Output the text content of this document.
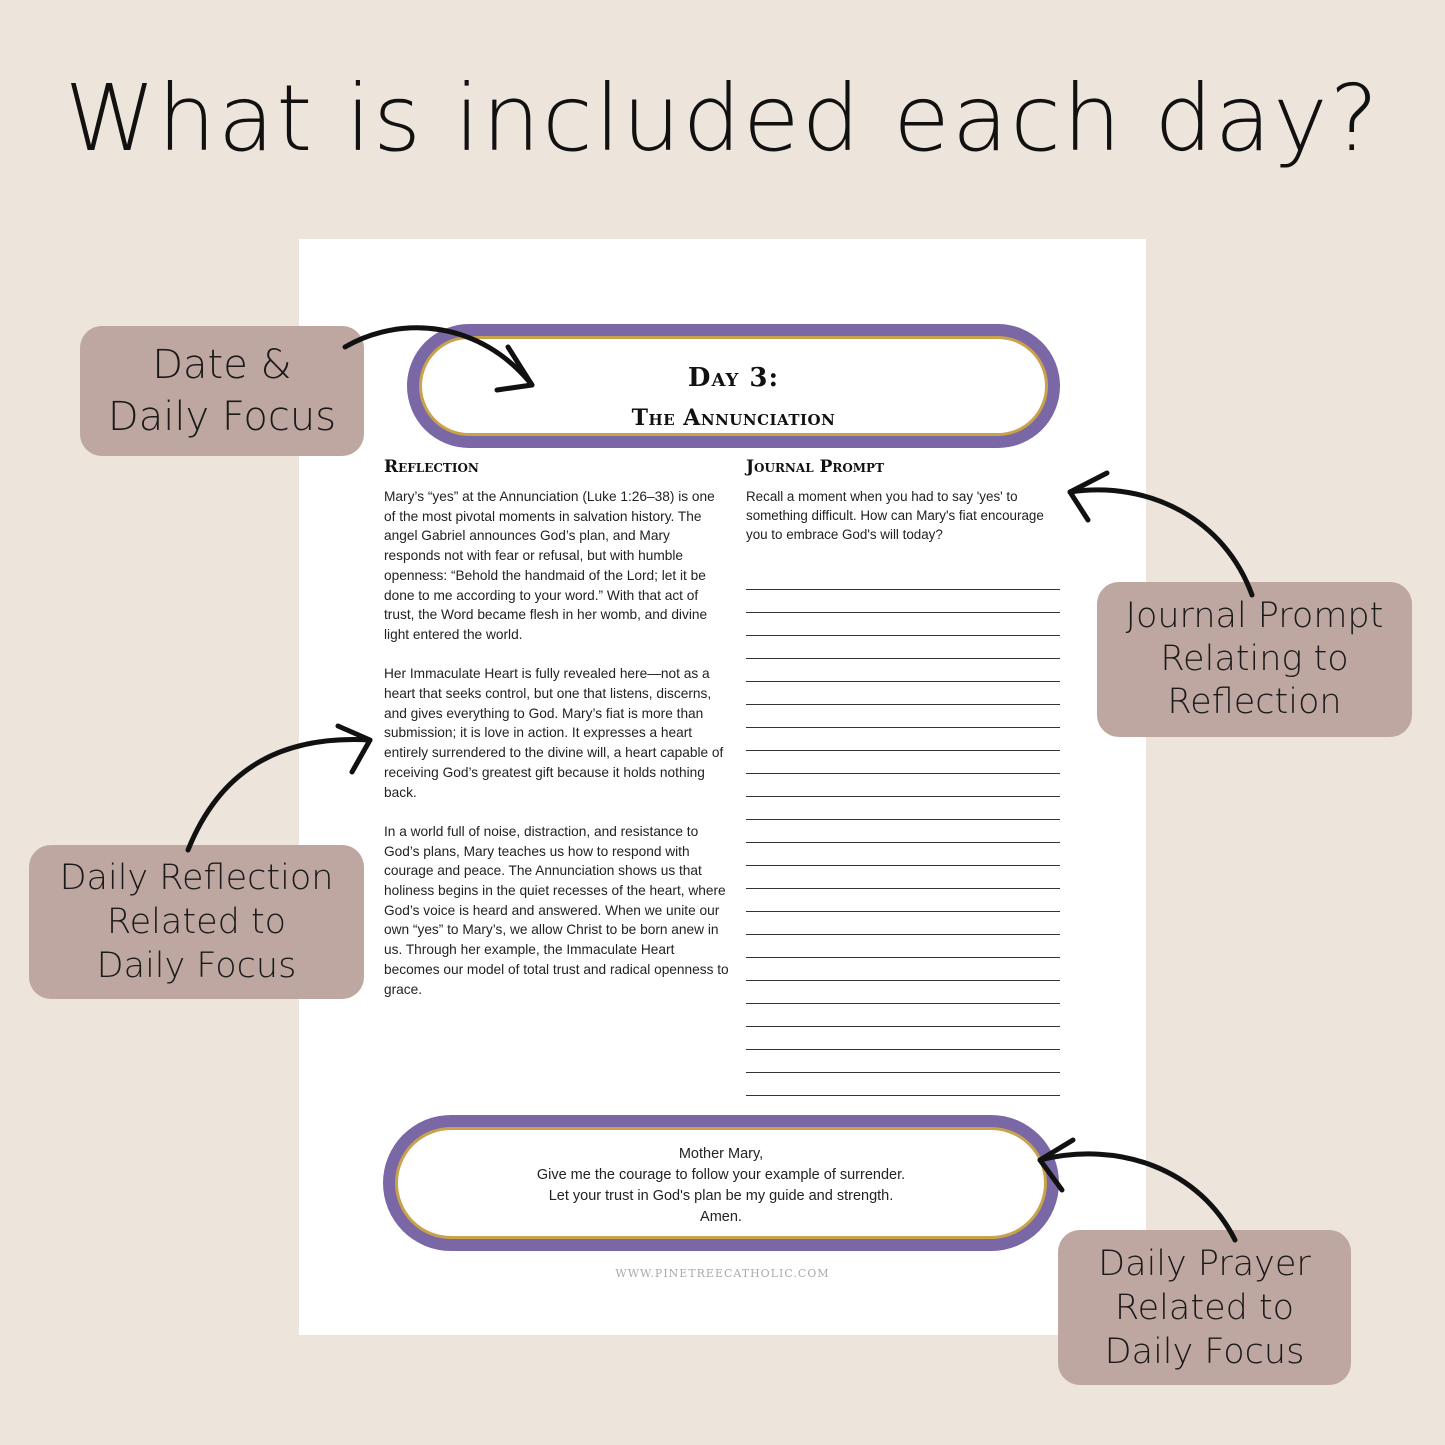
What is included each day?
Day 3:
The Annunciation
Reflection

Mary’s “yes” at the Annunciation (Luke 1:26–38) is one of the most pivotal moments in salvation history. The angel Gabriel announces God’s plan, and Mary responds not with fear or refusal, but with humble openness: “Behold the handmaid of the Lord; let it be done to me according to your word.” With that act of trust, the Word became flesh in her womb, and divine light entered the world.

Her Immaculate Heart is fully revealed here—not as a heart that seeks control, but one that listens, discerns, and gives everything to God. Mary’s fiat is more than submission; it is love in action. It expresses a heart entirely surrendered to the divine will, a heart capable of receiving God’s greatest gift because it holds nothing back.

In a world full of noise, distraction, and resistance to God’s plans, Mary teaches us how to respond with courage and peace. The Annunciation shows us that holiness begins in the quiet recesses of the heart, where God’s voice is heard and answered. When we unite our own “yes” to Mary’s, we allow Christ to be born anew in us. Through her example, the Immaculate Heart becomes our model of total trust and radical openness to grace.

Journal Prompt
Recall a moment when you had to say 'yes' to something difficult. How can Mary's fiat encourage you to embrace God's will today?
Mother Mary,
Give me the courage to follow your example of surrender.
Let your trust in God's plan be my guide and strength.
Amen.
WWW.PINETREECATHOLIC.COM
Date &
Daily Focus
Journal Prompt
Relating to
Reflection
Daily Reflection
Related to
Daily Focus
Daily Prayer
Related to
Daily Focus
